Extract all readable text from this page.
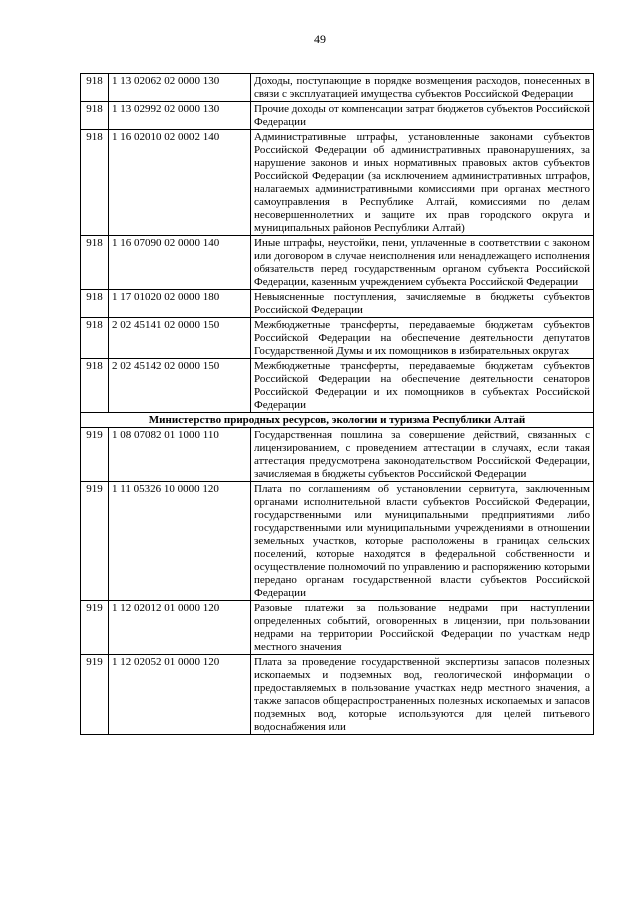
49
918	1 13 02062 02 0000 130	Доходы, поступающие в порядке возмещения расходов, понесенных в связи с эксплуатацией имущества субъектов Российской Федерации
918	1 13 02992 02 0000 130	Прочие доходы от компенсации затрат бюджетов субъектов Российской Федерации
918	1 16 02010 02 0002 140	Административные штрафы, установленные законами субъектов Российской Федерации об административных правонарушениях, за нарушение законов и иных нормативных правовых актов субъектов Российской Федерации (за исключением административных штрафов, налагаемых административными комиссиями при органах местного самоуправления в Республике Алтай, комиссиями по делам несовершеннолетних и защите их прав городского округа и муниципальных районов Республики Алтай)
918	1 16 07090 02 0000 140	Иные штрафы, неустойки, пени, уплаченные в соответствии с законом или договором в случае неисполнения или ненадлежащего исполнения обязательств перед государственным органом субъекта Российской Федерации, казенным учреждением субъекта Российской Федерации
918	1 17 01020 02 0000 180	Невыясненные поступления, зачисляемые в бюджеты субъектов Российской Федерации
918	2 02 45141 02 0000 150	Межбюджетные трансферты, передаваемые бюджетам субъектов Российской Федерации на обеспечение деятельности депутатов Государственной Думы и их помощников в избирательных округах
918	2 02 45142 02 0000 150	Межбюджетные трансферты, передаваемые бюджетам субъектов Российской Федерации на обеспечение деятельности сенаторов Российской Федерации и их помощников в субъектах Российской Федерации
Министерство природных ресурсов, экологии и туризма Республики Алтай		
919	1 08 07082 01 1000 110	Государственная пошлина за совершение действий, связанных с лицензированием, с проведением аттестации в случаях, если такая аттестация предусмотрена законодательством Российской Федерации, зачисляемая в бюджеты субъектов Российской Федерации
919	1 11 05326 10 0000 120	Плата по соглашениям об установлении сервитута, заключенным органами исполнительной власти субъектов Российской Федерации, государственными или муниципальными предприятиями либо государственными или муниципальными учреждениями в отношении земельных участков, которые расположены в границах сельских поселений, которые находятся в федеральной собственности и осуществление полномочий по управлению и распоряжению которыми передано органам государственной власти субъектов Российской Федерации
919	1 12 02012 01 0000 120	Разовые платежи за пользование недрами при наступлении определенных событий, оговоренных в лицензии, при пользовании недрами на территории Российской Федерации по участкам недр местного значения
919	1 12 02052 01 0000 120	Плата за проведение государственной экспертизы запасов полезных ископаемых и подземных вод, геологической информации о предоставляемых в пользование участках недр местного значения, а также запасов общераспространенных полезных ископаемых и запасов подземных вод, которые используются для целей питьевого водоснабжения или
